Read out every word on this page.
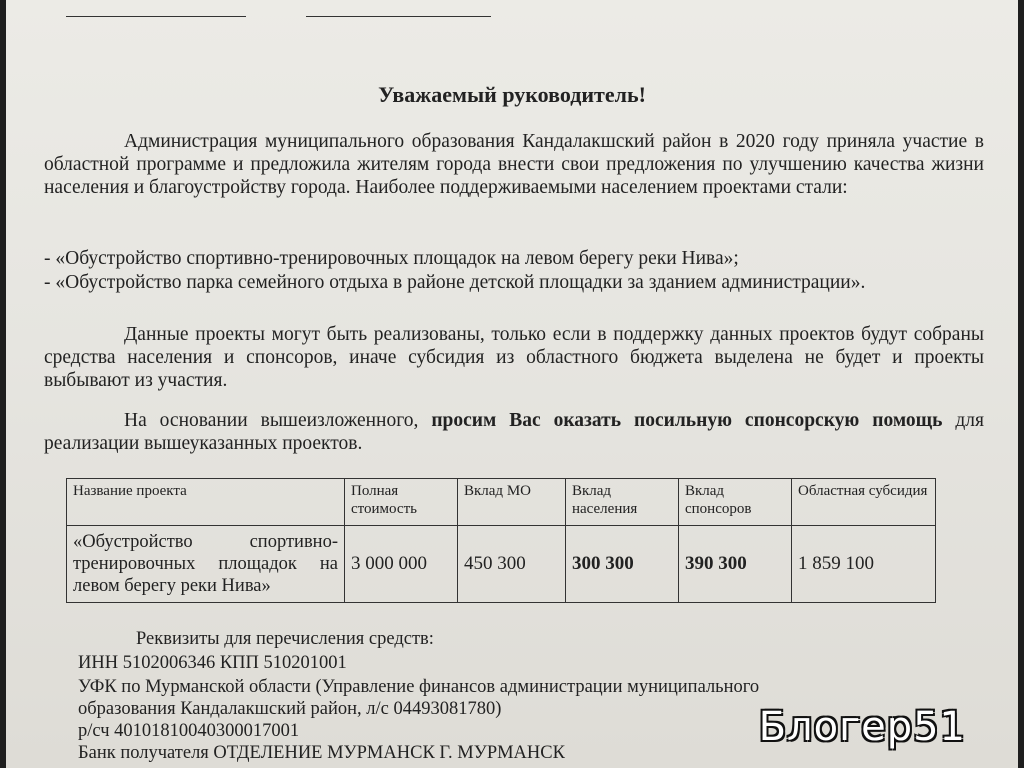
Уважаемый руководитель!
Администрация муниципального образования Кандалакшский район в 2020 году приняла участие в областной программе и предложила жителям города внести свои предложения по улучшению качества жизни населения и благоустройству города. Наиболее поддерживаемыми населением проектами стали:
- «Обустройство спортивно-тренировочных площадок на левом берегу реки Нива»;
- «Обустройство парка семейного отдыха в районе детской площадки за зданием администрации».
Данные проекты могут быть реализованы, только если в поддержку данных проектов будут собраны средства населения и спонсоров, иначе субсидия из областного бюджета выделена не будет и проекты выбывают из участия.
На основании вышеизложенного, просим Вас оказать посильную спонсорскую помощь для реализации вышеуказанных проектов.
Название проекта	Полная стоимость	Вклад МО	Вклад населения	Вклад спонсоров	Областная субсидия
«Обустройство спортивно-тренировочных площадок на левом берегу реки Нива»	3 000 000	450 300	300 300	390 300	1 859 100
Реквизиты для перечисления средств:
ИНН 5102006346 КПП 510201001
УФК по Мурманской области (Управление финансов администрации муниципального
образования Кандалакшский район, л/с 04493081780)
р/сч 40101810040300017001
Банк получателя ОТДЕЛЕНИЕ МУРМАНСК Г. МУРМАНСК
Блогер51
